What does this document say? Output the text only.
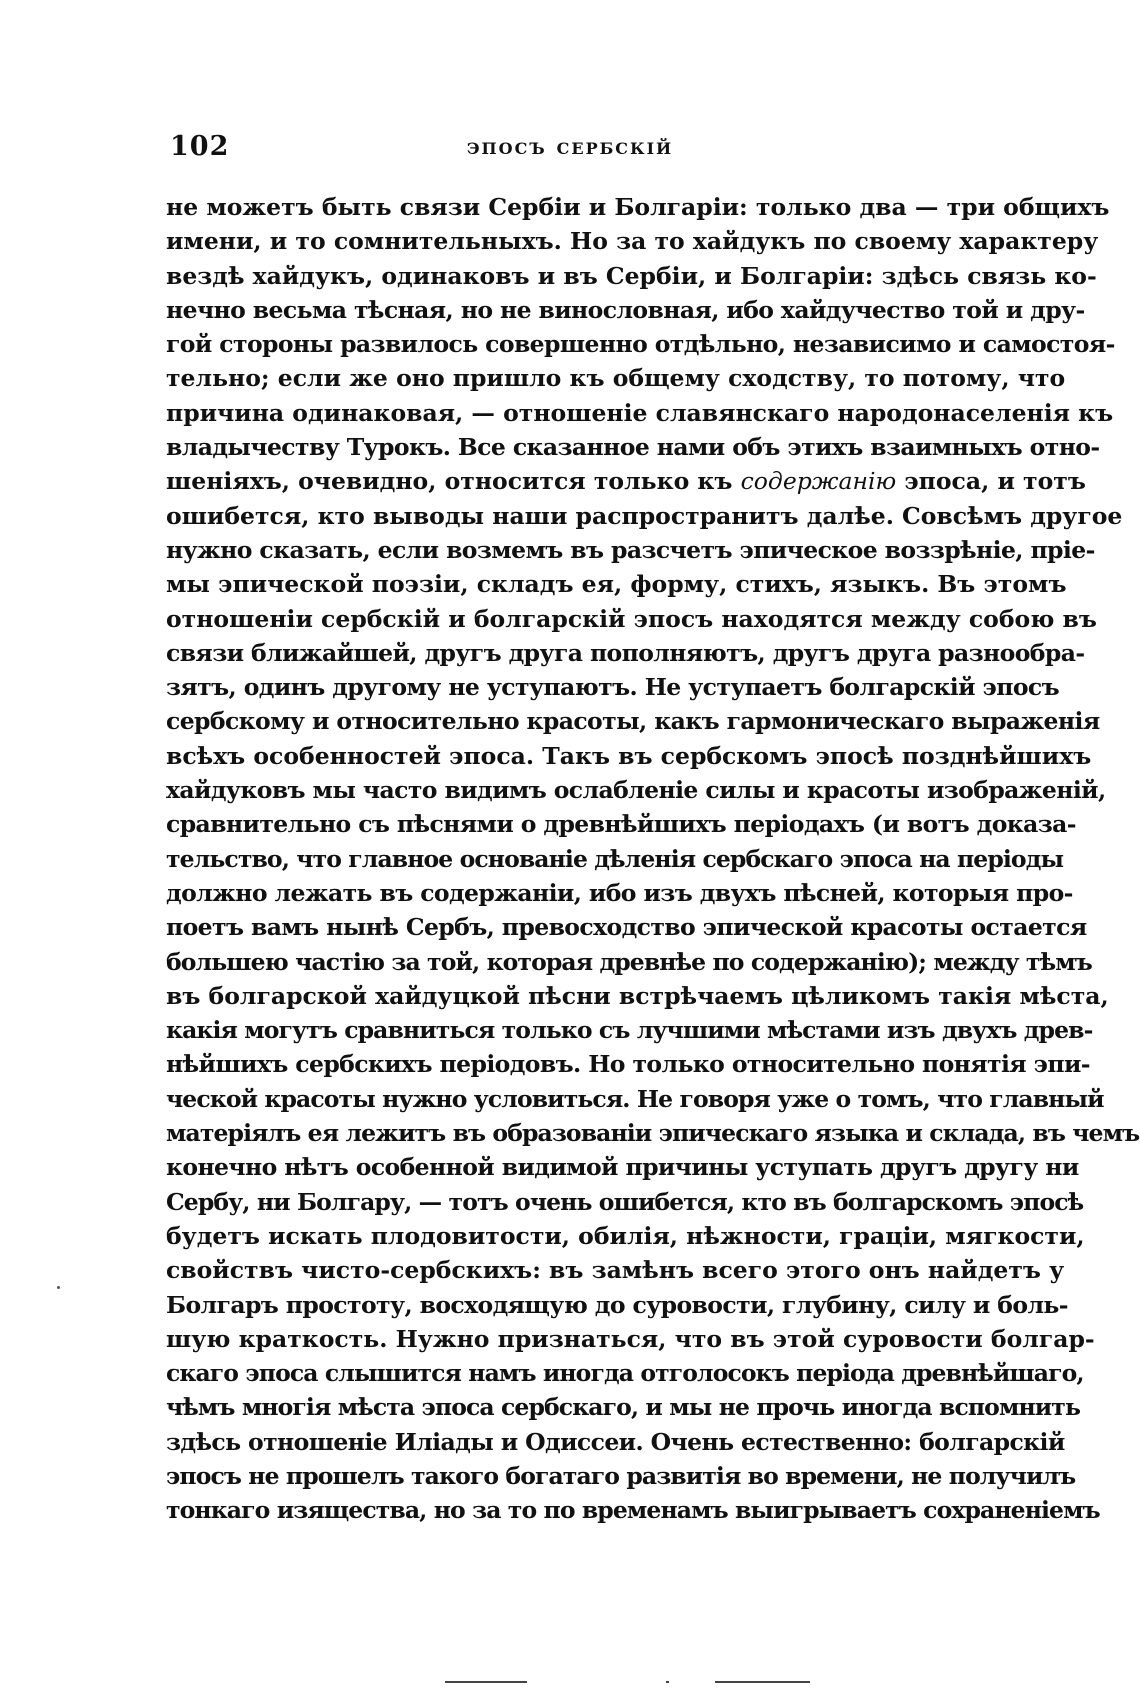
102	эпосъ сербскій
не можетъ быть связи Сербіи и Болгаріи: только два — три общихъ
имени, и то сомнительныхъ. Но за то хайдукъ по своему характеру
вездѣ хайдукъ, одинаковъ и въ Сербіи, и Болгаріи: здѣсь связь ко-
нечно весьма тѣсная, но не винословная, ибо хайдучество той и дру-
гой стороны развилось совершенно отдѣльно, независимо и самостоя-
тельно; если же оно пришло къ общему сходству, то потому, что
причина одинаковая, — отношеніе славянскаго народонаселенія къ
владычеству Турокъ. Все сказанное нами объ этихъ взаимныхъ отно-
шеніяхъ, очевидно, относится только къ содержанію эпоса, и тотъ
ошибется, кто выводы наши распространитъ далѣе. Совсѣмъ другое
нужно сказать, если возмемъ въ разсчетъ эпическое воззрѣніе, пріе-
мы эпической поэзіи, складъ ея, форму, стихъ, языкъ. Въ этомъ
отношеніи сербскій и болгарскій эпосъ находятся между собою въ
связи ближайшей, другъ друга пополняютъ, другъ друга разнообра-
зятъ, одинъ другому не уступаютъ. Не уступаетъ болгарскій эпосъ
сербскому и относительно красоты, какъ гармоническаго выраженія
всѣхъ особенностей эпоса. Такъ въ сербскомъ эпосѣ позднѣйшихъ
хайдуковъ мы часто видимъ ослабленіе силы и красоты изображеній,
сравнительно съ пѣснями о древнѣйшихъ періодахъ (и вотъ доказа-
тельство, что главное основаніе дѣленія сербскаго эпоса на періоды
должно лежать въ содержаніи, ибо изъ двухъ пѣсней, которыя про-
поетъ вамъ нынѣ Сербъ, превосходство эпической красоты остается
большею частію за той, которая древнѣе по содержанію); между тѣмъ
въ болгарской хайдуцкой пѣсни встрѣчаемъ цѣликомъ такія мѣста,
какія могутъ сравниться только съ лучшими мѣстами изъ двухъ древ-
нѣйшихъ сербскихъ періодовъ. Но только относительно понятія эпи-
ческой красоты нужно условиться. Не говоря уже о томъ, что главный
матеріялъ ея лежитъ въ образованіи эпическаго языка и склада, въ чемъ
конечно нѣтъ особенной видимой причины уступать другъ другу ни
Сербу, ни Болгару, — тотъ очень ошибется, кто въ болгарскомъ эпосѣ
будетъ искать плодовитости, обилія, нѣжности, граціи, мягкости,
свойствъ чисто-сербскихъ: въ замѣнъ всего этого онъ найдетъ у
Болгаръ простоту, восходящую до суровости, глубину, силу и боль-
шую краткость. Нужно признаться, что въ этой суровости болгар-
скаго эпоса слышится намъ иногда отголосокъ періода древнѣйшаго,
чѣмъ многія мѣста эпоса сербскаго, и мы не прочь иногда вспомнить
здѣсь отношеніе Иліады и Одиссеи. Очень естественно: болгарскій
эпосъ не прошелъ такого богатаго развитія во времени, не получилъ
тонкаго изящества, но за то по временамъ выигрываетъ сохраненіемъ
